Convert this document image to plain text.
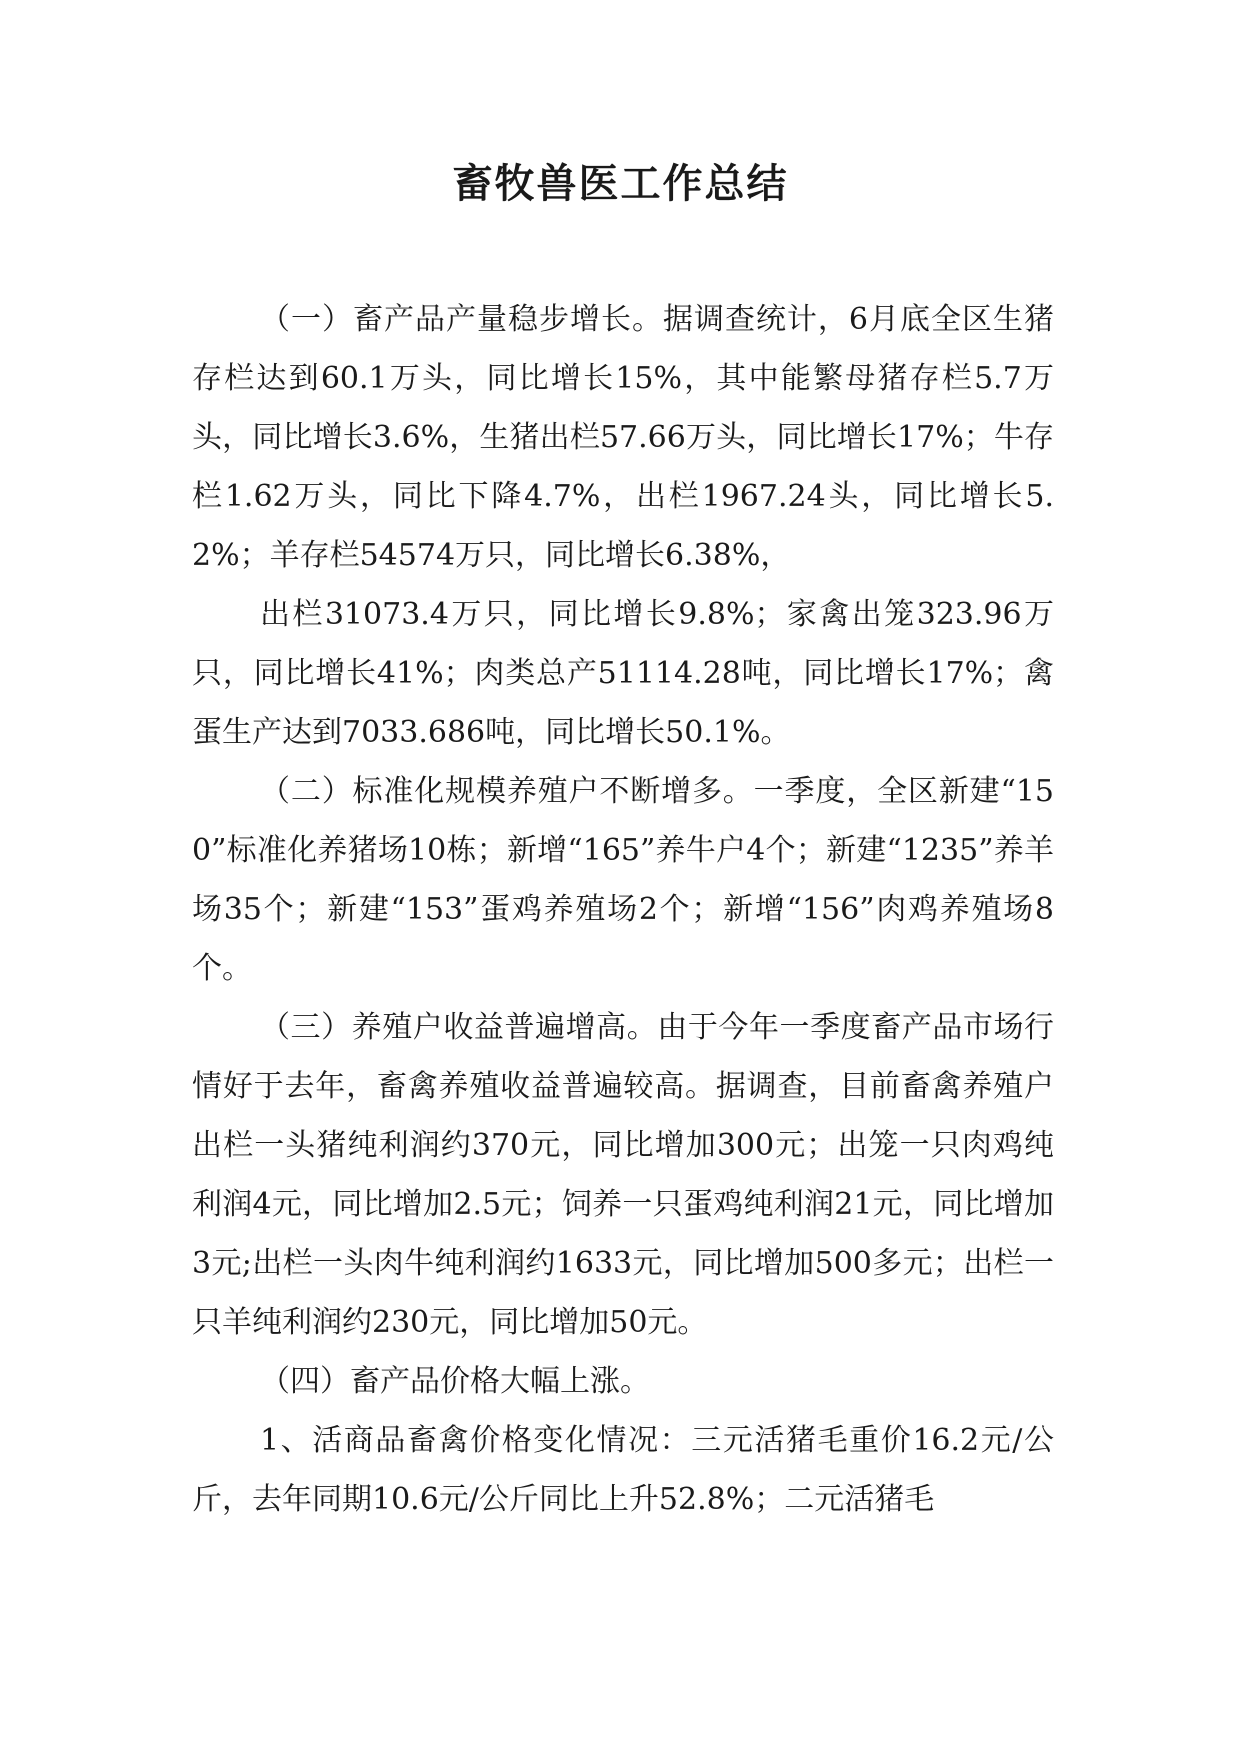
畜牧兽医工作总结

（一）畜产品产量稳步增长。据调查统计，6月底全区生猪存栏达到60.1万头，同比增长15%，其中能繁母猪存栏5.7万头，同比增长3.6%，生猪出栏57.66万头，同比增长17%；牛存栏1.62万头，同比下降4.7%，出栏1967.24头，同比增长5.2%；羊存栏54574万只，同比增长6.38%，

出栏31073.4万只，同比增长9.8%；家禽出笼323.96万只，同比增长41%；肉类总产51114.28吨，同比增长17%；禽蛋生产达到7033.686吨，同比增长50.1%。

（二）标准化规模养殖户不断增多。一季度，全区新建“150”标准化养猪场10栋；新增“165”养牛户4个；新建“1235”养羊场35个；新建“153”蛋鸡养殖场2个；新增“156”肉鸡养殖场8个。

（三）养殖户收益普遍增高。由于今年一季度畜产品市场行情好于去年，畜禽养殖收益普遍较高。据调查，目前畜禽养殖户出栏一头猪纯利润约370元，同比增加300元；出笼一只肉鸡纯利润4元，同比增加2.5元；饲养一只蛋鸡纯利润21元，同比增加3元;出栏一头肉牛纯利润约1633元，同比增加500多元；出栏一只羊纯利润约230元，同比增加50元。

（四）畜产品价格大幅上涨。

1、活商品畜禽价格变化情况：三元活猪毛重价16.2元/公斤，去年同期10.6元/公斤同比上升52.8%；二元活猪毛
